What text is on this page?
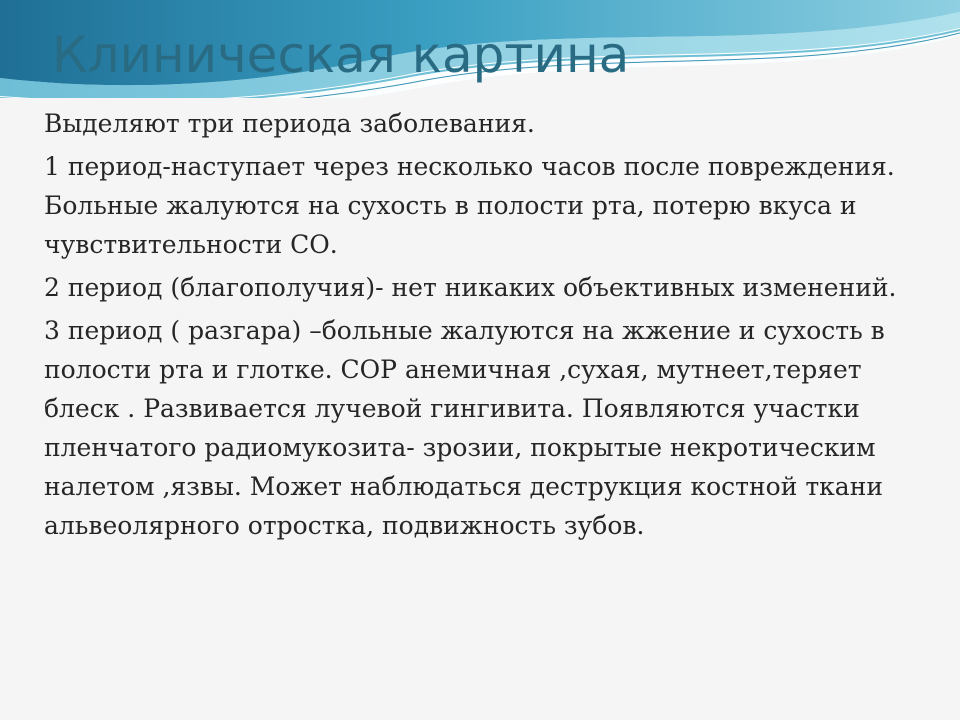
Клиническая картина

Выделяют три периода заболевания.

1 период-наступает через несколько часов после повреждения. Больные жалуются на сухость в полости рта, потерю вкуса и чувствительности СО.

2 период (благополучия)- нет никаких объективных изменений.

3 период ( разгара) –больные жалуются на жжение и сухость в полости рта и глотке. СОР анемичная ,сухая, мутнеет,теряет блеск . Развивается лучевой гингивита. Появляются участки пленчатого радиомукозита- зрозии, покрытые некротическим налетом ,язвы. Может наблюдаться деструкция костной ткани альвеолярного отростка, подвижность зубов.
